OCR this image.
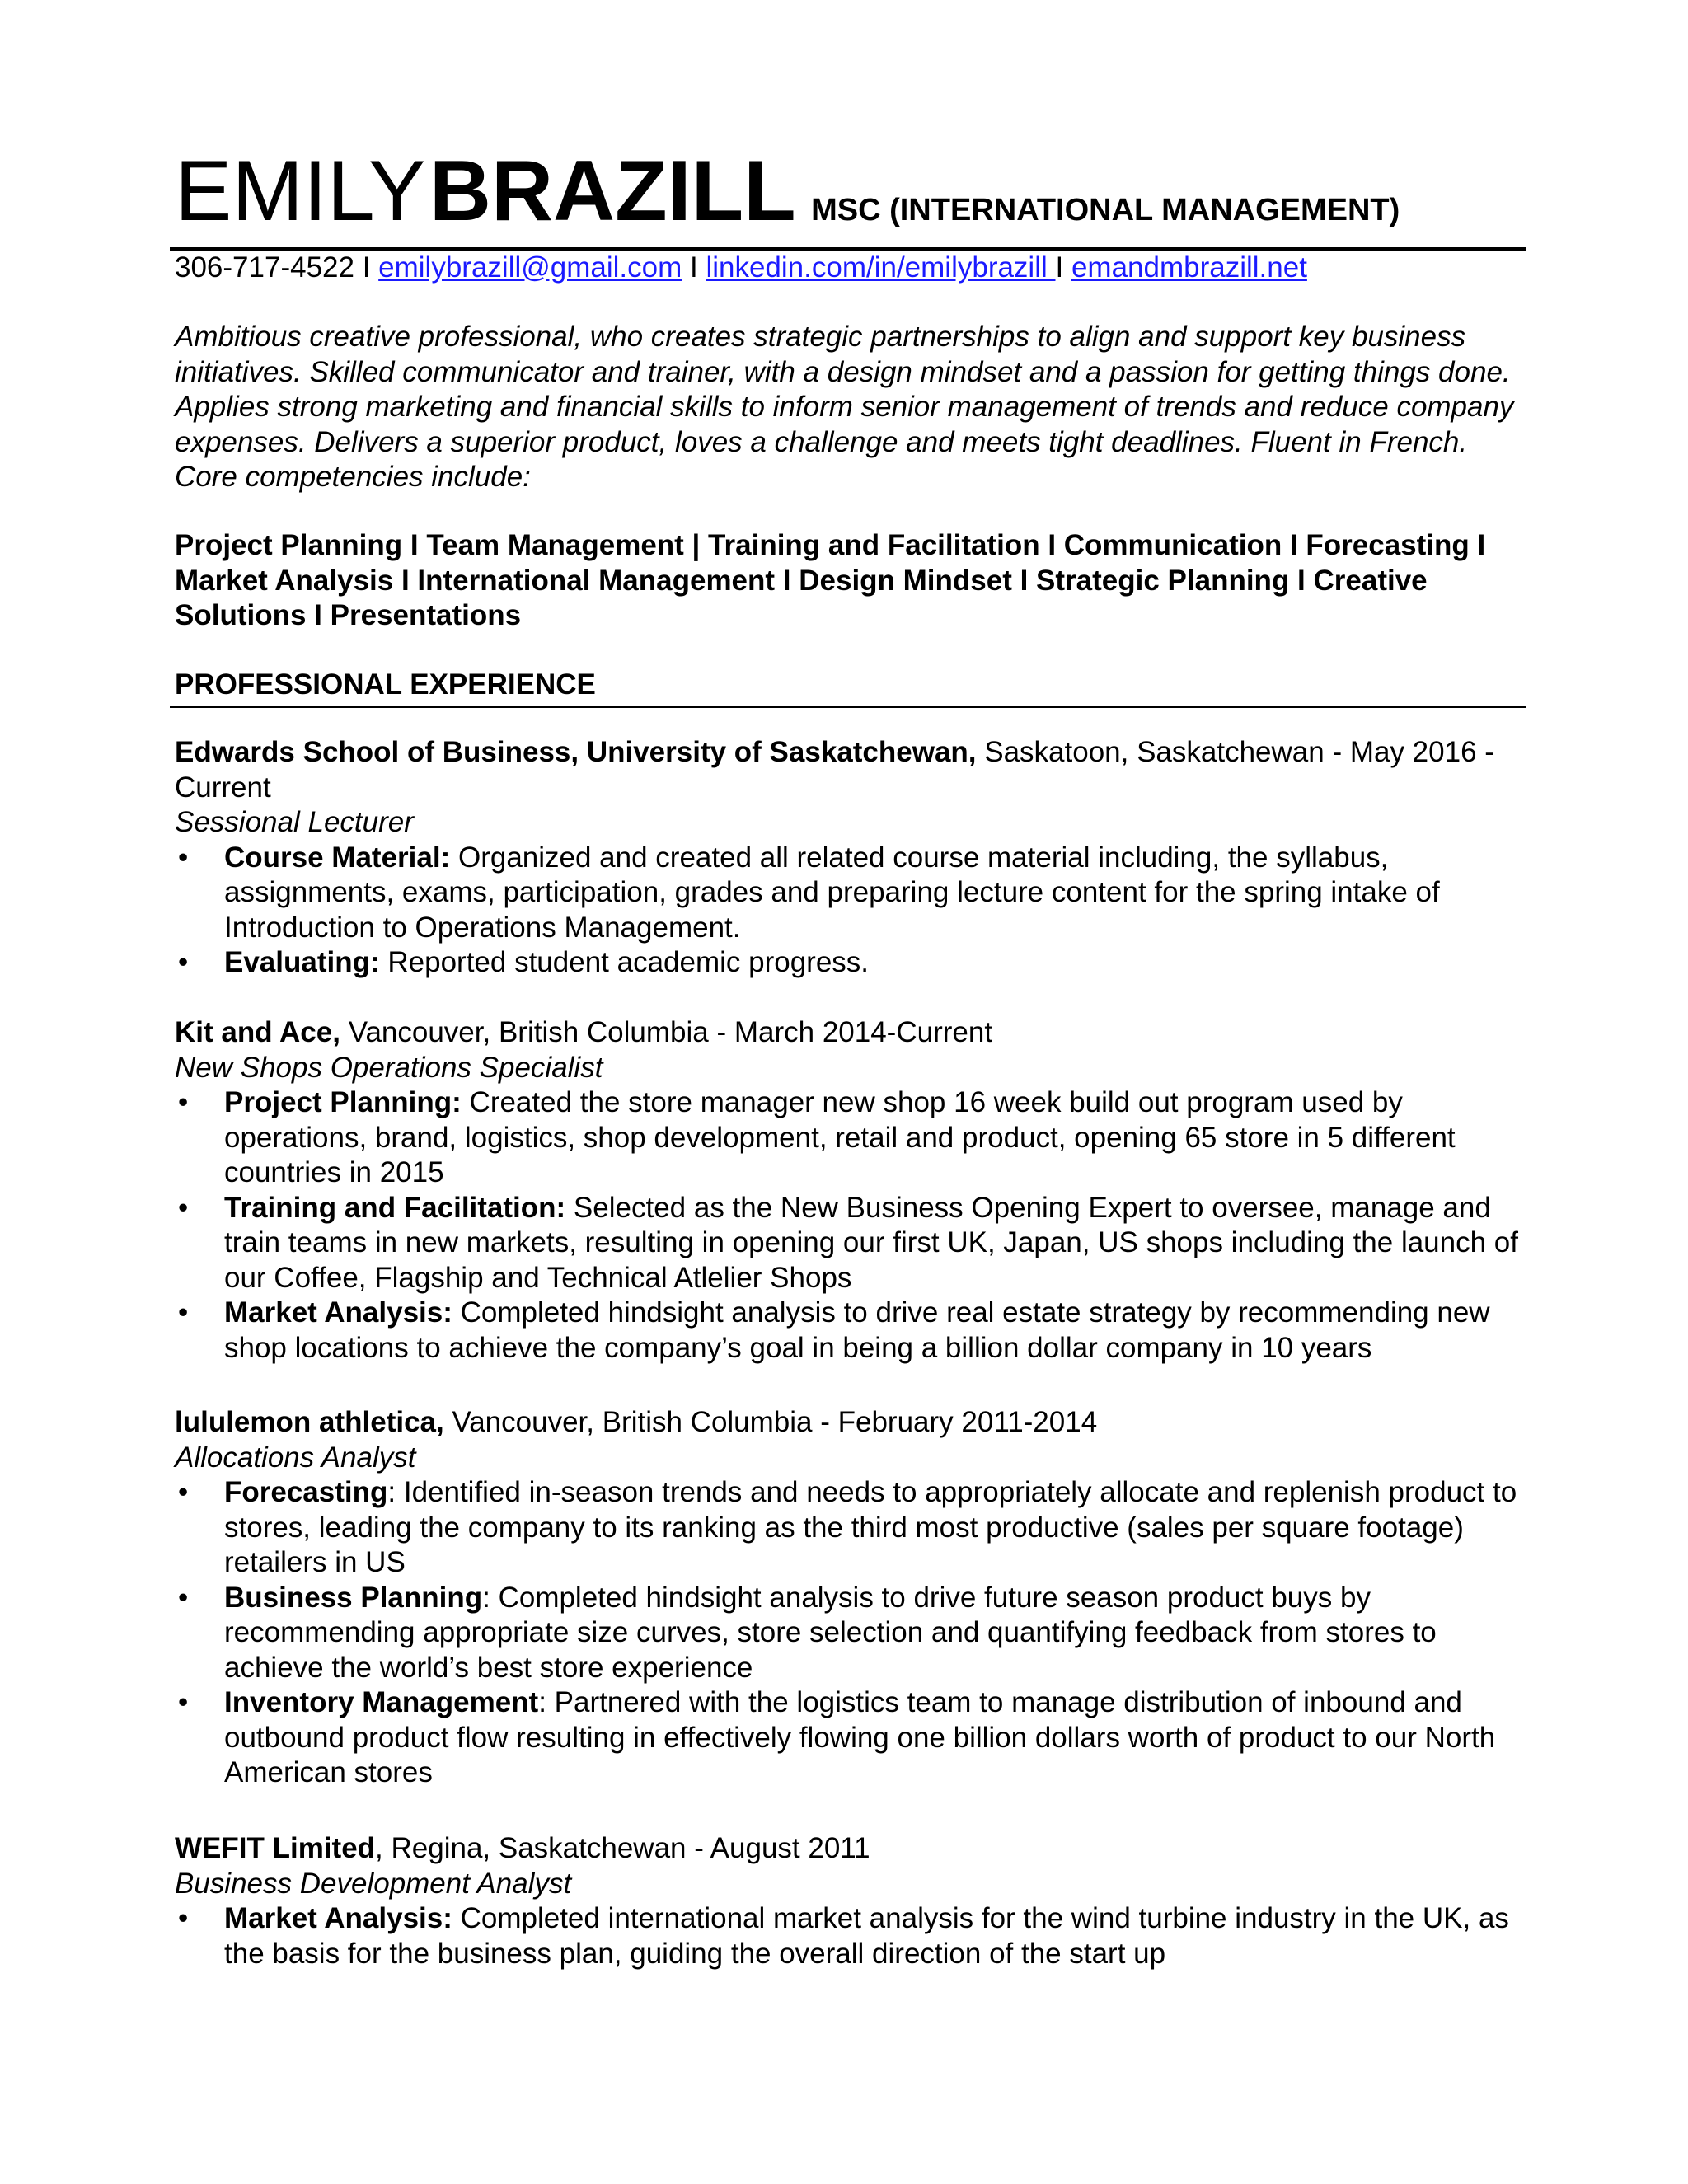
EMILY BRAZILL MSC (INTERNATIONAL MANAGEMENT)
306-717-4522 I emilybrazill@gmail.com I linkedin.com/in/emilybrazill I emandmbrazill.net
Ambitious creative professional, who creates strategic partnerships to align and support key business initiatives. Skilled communicator and trainer, with a design mindset and a passion for getting things done. Applies strong marketing and financial skills to inform senior management of trends and reduce company expenses. Delivers a superior product, loves a challenge and meets tight deadlines. Fluent in French. Core competencies include:
Project Planning I Team Management | Training and Facilitation I Communication I Forecasting I Market Analysis I International Management I Design Mindset I Strategic Planning I Creative Solutions I Presentations
PROFESSIONAL EXPERIENCE
Edwards School of Business, University of Saskatchewan, Saskatoon, Saskatchewan - May 2016 - Current
Sessional Lecturer
• Course Material: Organized and created all related course material including, the syllabus, assignments, exams, participation, grades and preparing lecture content for the spring intake of Introduction to Operations Management.
• Evaluating: Reported student academic progress.
Kit and Ace, Vancouver, British Columbia - March 2014-Current
New Shops Operations Specialist
• Project Planning: Created the store manager new shop 16 week build out program used by operations, brand, logistics, shop development, retail and product, opening 65 store in 5 different countries in 2015
• Training and Facilitation: Selected as the New Business Opening Expert to oversee, manage and train teams in new markets, resulting in opening our first UK, Japan, US shops including the launch of our Coffee, Flagship and Technical Atlelier Shops
• Market Analysis: Completed hindsight analysis to drive real estate strategy by recommending new shop locations to achieve the company’s goal in being a billion dollar company in 10 years
lululemon athletica, Vancouver, British Columbia - February 2011-2014
Allocations Analyst
• Forecasting: Identified in-season trends and needs to appropriately allocate and replenish product to stores, leading the company to its ranking as the third most productive (sales per square footage) retailers in US
• Business Planning: Completed hindsight analysis to drive future season product buys by recommending appropriate size curves, store selection and quantifying feedback from stores to achieve the world’s best store experience
• Inventory Management: Partnered with the logistics team to manage distribution of inbound and outbound product flow resulting in effectively flowing one billion dollars worth of product to our North American stores
WEFIT Limited, Regina, Saskatchewan - August 2011
Business Development Analyst
• Market Analysis: Completed international market analysis for the wind turbine industry in the UK, as the basis for the business plan, guiding the overall direction of the start up
